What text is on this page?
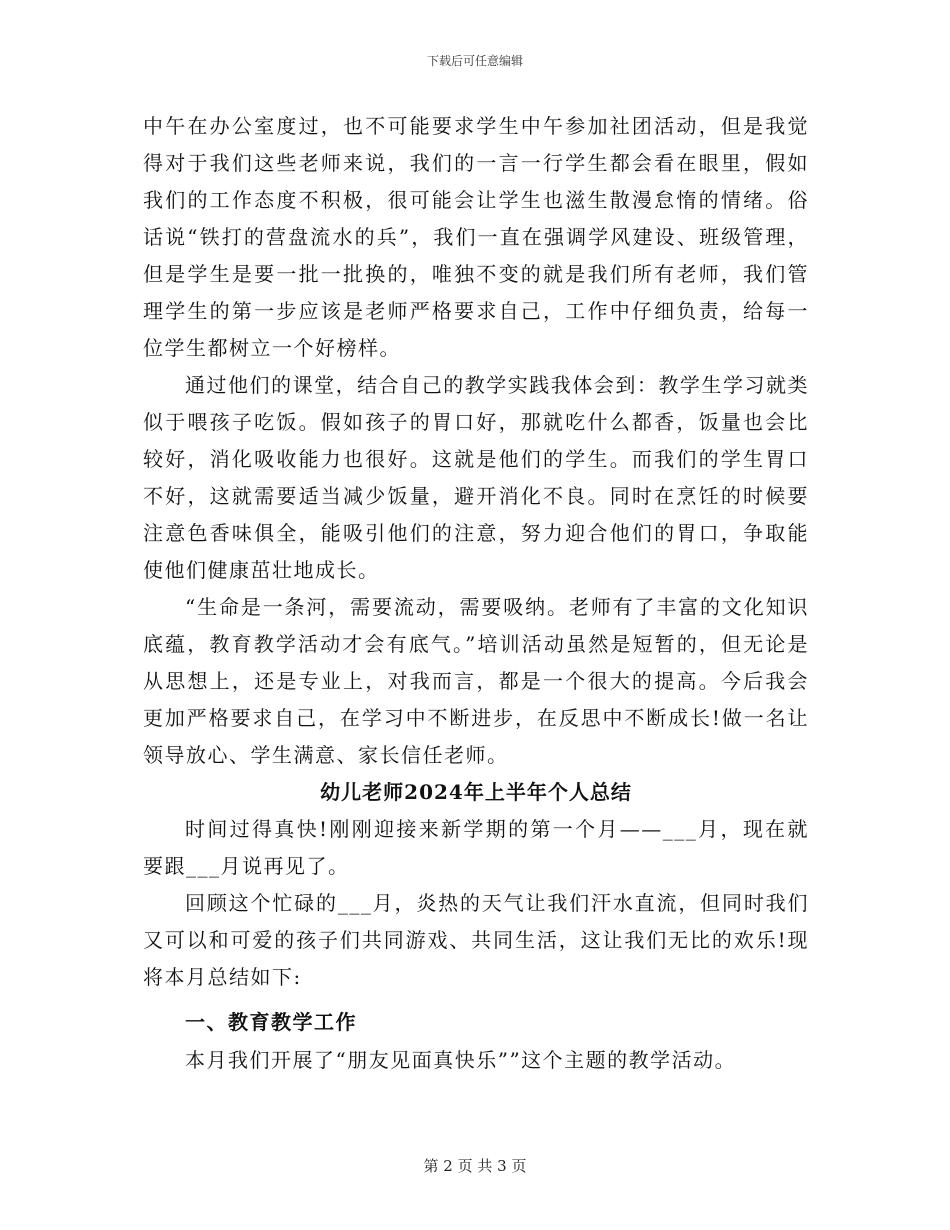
下载后可任意编辑

中午在办公室度过，也不可能要求学生中午参加社团活动，但是我觉得对于我们这些老师来说，我们的一言一行学生都会看在眼里，假如我们的工作态度不积极，很可能会让学生也滋生散漫怠惰的情绪。俗话说“铁打的营盘流水的兵”，我们一直在强调学风建设、班级管理，但是学生是要一批一批换的，唯独不变的就是我们所有老师，我们管理学生的第一步应该是老师严格要求自己，工作中仔细负责，给每一位学生都树立一个好榜样。

通过他们的课堂，结合自己的教学实践我体会到：教学生学习就类似于喂孩子吃饭。假如孩子的胃口好，那就吃什么都香，饭量也会比较好，消化吸收能力也很好。这就是他们的学生。而我们的学生胃口不好，这就需要适当减少饭量，避开消化不良。同时在烹饪的时候要注意色香味俱全，能吸引他们的注意，努力迎合他们的胃口，争取能使他们健康茁壮地成长。

“生命是一条河，需要流动，需要吸纳。老师有了丰富的文化知识底蕴，教育教学活动才会有底气。”培训活动虽然是短暂的，但无论是从思想上，还是专业上，对我而言，都是一个很大的提高。今后我会更加严格要求自己，在学习中不断进步，在反思中不断成长!做一名让领导放心、学生满意、家长信任老师。

幼儿老师2024年上半年个人总结

时间过得真快!刚刚迎接来新学期的第一个月——___月，现在就要跟___月说再见了。

回顾这个忙碌的___月，炎热的天气让我们汗水直流，但同时我们又可以和可爱的孩子们共同游戏、共同生活，这让我们无比的欢乐!现将本月总结如下:

一、教育教学工作

本月我们开展了“朋友见面真快乐””这个主题的教学活动。

第 2 页 共 3 页
